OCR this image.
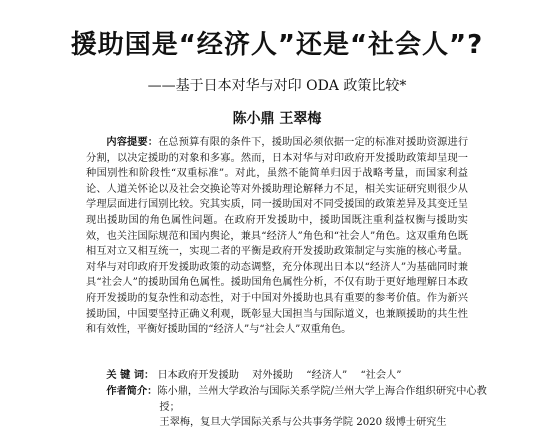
援助国是“经济人”还是“社会人”?
——基于日本对华与对印 ODA 政策比较*
陈小鼎 王翠梅
内容提要：在总预算有限的条件下，援助国必须依据一定的标准对援助资源进行分割，以决定援助的对象和多寡。然而，日本对华与对印政府开发援助政策却呈现一种国别性和阶段性“双重标准”。对此，虽然不能简单归因于战略考量，而国家利益论、人道关怀论以及社会交换论等对外援助理论解释力不足，相关实证研究则很少从学理层面进行国别比较。究其实质，同一援助国对不同受援国的政策差异及其变迁呈现出援助国的角色属性问题。在政府开发援助中，援助国既注重利益权衡与援助实效，也关注国际规范和国内舆论，兼具“经济人”角色和“社会人”角色。这双重角色既相互对立又相互统一，实现二者的平衡是政府开发援助政策制定与实施的核心考量。对华与对印政府开发援助政策的动态调整，充分体现出日本以“经济人”为基础同时兼具“社会人”的援助国角色属性。援助国角色属性分析，不仅有助于更好地理解日本政府开发援助的复杂性和动态性，对于中国对外援助也具有重要的参考价值。作为新兴援助国，中国要坚持正确义利观，既彰显大国担当与国际道义，也兼顾援助的共生性和有效性，平衡好援助国的“经济人”与“社会人”双重角色。
关 键 词： 日本政府开发援助 对外援助 “经济人” “社会人”
作者简介：陈小鼎，兰州大学政治与国际关系学院/兰州大学上海合作组织研究中心教授；
王翠梅，复旦大学国际关系与公共事务学院 2020 级博士研究生
